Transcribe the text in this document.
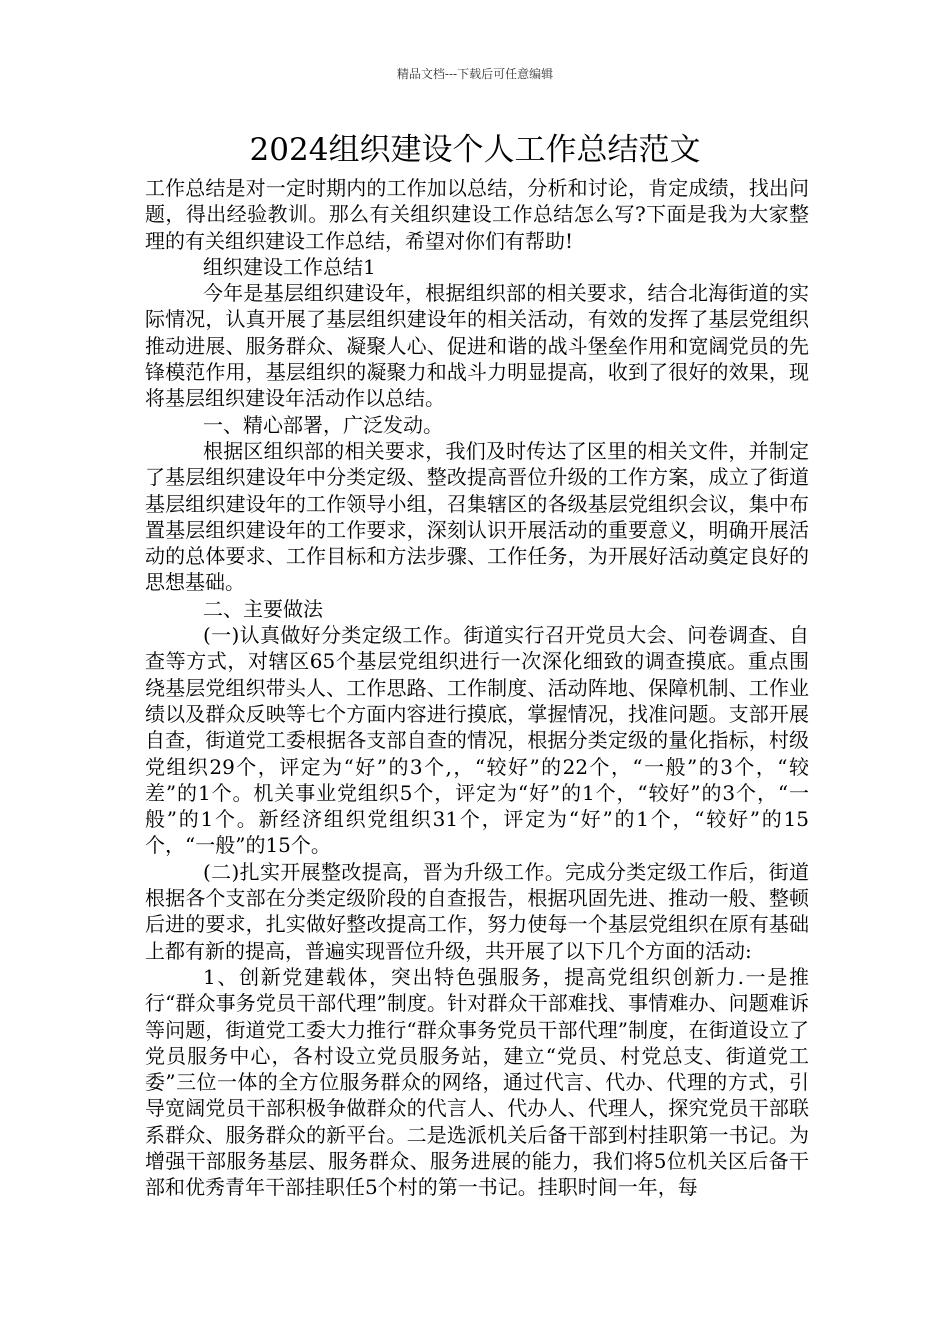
精品文档---下载后可任意编辑
2024组织建设个人工作总结范文

工作总结是对一定时期内的工作加以总结，分析和讨论，肯定成绩，找出问题，得出经验教训。那么有关组织建设工作总结怎么写?下面是我为大家整理的有关组织建设工作总结，希望对你们有帮助!

组织建设工作总结1

今年是基层组织建设年，根据组织部的相关要求，结合北海街道的实际情况，认真开展了基层组织建设年的相关活动，有效的发挥了基层党组织推动进展、服务群众、凝聚人心、促进和谐的战斗堡垒作用和宽阔党员的先锋模范作用，基层组织的凝聚力和战斗力明显提高，收到了很好的效果，现将基层组织建设年活动作以总结。

一、精心部署，广泛发动。

根据区组织部的相关要求，我们及时传达了区里的相关文件，并制定了基层组织建设年中分类定级、整改提高晋位升级的工作方案，成立了街道基层组织建设年的工作领导小组，召集辖区的各级基层党组织会议，集中布置基层组织建设年的工作要求，深刻认识开展活动的重要意义，明确开展活动的总体要求、工作目标和方法步骤、工作任务，为开展好活动奠定良好的思想基础。

二、主要做法

(一)认真做好分类定级工作。街道实行召开党员大会、问卷调查、自查等方式，对辖区65个基层党组织进行一次深化细致的调查摸底。重点围绕基层党组织带头人、工作思路、工作制度、活动阵地、保障机制、工作业绩以及群众反映等七个方面内容进行摸底，掌握情况，找准问题。支部开展自查，街道党工委根据各支部自查的情况，根据分类定级的量化指标，村级党组织29个，评定为“好”的3个,，“较好”的22个，“一般”的3个，“较差”的1个。机关事业党组织5个，评定为“好”的1个，“较好”的3个，“一般”的1个。新经济组织党组织31个，评定为“好”的1个，“较好”的15个，“一般”的15个。

(二)扎实开展整改提高，晋为升级工作。完成分类定级工作后，街道根据各个支部在分类定级阶段的自查报告，根据巩固先进、推动一般、整顿后进的要求，扎实做好整改提高工作，努力使每一个基层党组织在原有基础上都有新的提高，普遍实现晋位升级，共开展了以下几个方面的活动:

1、创新党建载体，突出特色强服务，提高党组织创新力.一是推行“群众事务党员干部代理”制度。针对群众干部难找、事情难办、问题难诉等问题，街道党工委大力推行“群众事务党员干部代理”制度，在街道设立了党员服务中心，各村设立党员服务站，建立“党员、村党总支、街道党工委”三位一体的全方位服务群众的网络，通过代言、代办、代理的方式，引导宽阔党员干部积极争做群众的代言人、代办人、代理人，探究党员干部联系群众、服务群众的新平台。二是选派机关后备干部到村挂职第一书记。为增强干部服务基层、服务群众、服务进展的能力，我们将5位机关区后备干部和优秀青年干部挂职任5个村的第一书记。挂职时间一年，每
